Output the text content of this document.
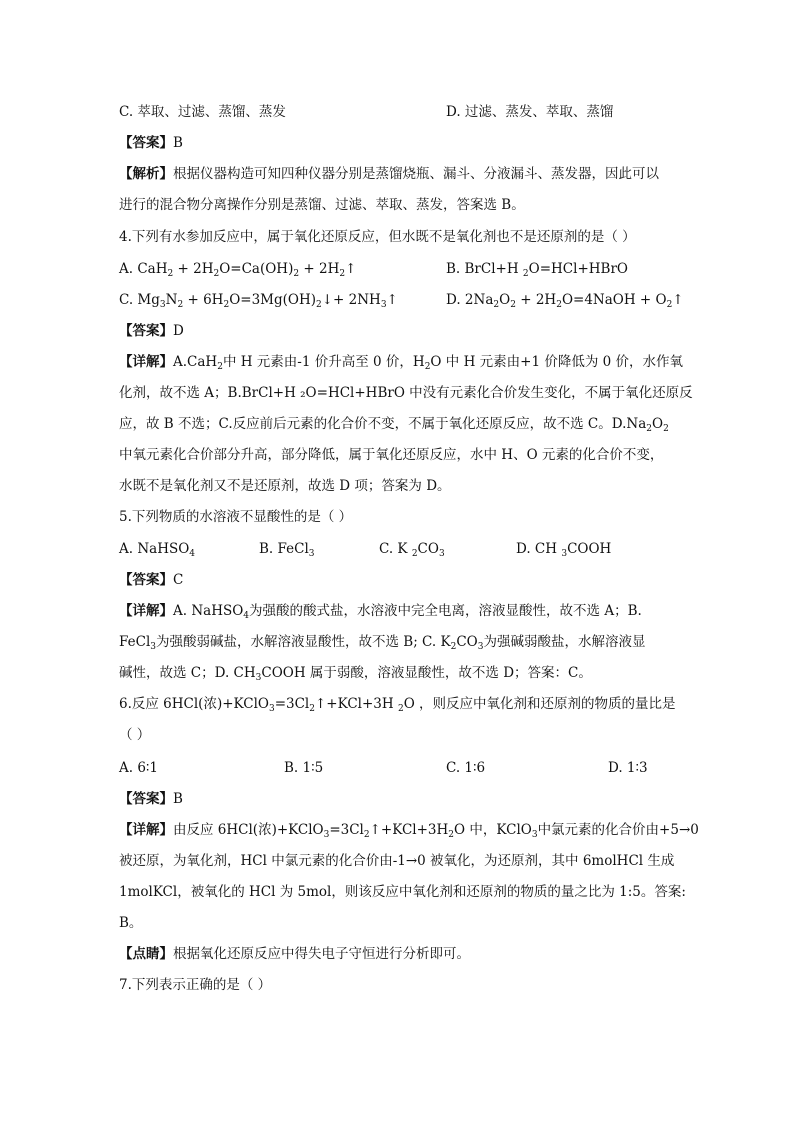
C. 萃取、过滤、蒸馏、蒸发	D. 过滤、蒸发、萃取、蒸馏
【答案】B
【解析】根据仪器构造可知四种仪器分别是蒸馏烧瓶、漏斗、分液漏斗、蒸发器，因此可以
进行的混合物分离操作分别是蒸馏、过滤、萃取、蒸发，答案选 B。
4.下列有水参加反应中，属于氧化还原反应，但水既不是氧化剂也不是还原剂的是（ ）
A. $CaH_2 + 2H_2O=Ca(OH)_2$ + $2H_2↑$	B. BrCl+H $_2$O=HCl+HBrO
C. $Mg_3N_2$ + $6H_2O=3Mg(OH)_2↓+$ $2NH_3↑$	D. $2Na_2O_2$ + $2H_2O=4NaOH$ + $O_2↑$
【答案】D
【详解】A.CaH$_2$中 H 元素由-1 价升高至 0 价，$H_2O$ 中 H 元素由+1 价降低为 0 价，水作氧
化剂，故不选 A；B.BrCl+H ₂O=HCl+HBrO 中没有元素化合价发生变化，不属于氧化还原反
应，故 B 不选；C.反应前后元素的化合价不变，不属于氧化还原反应，故不选 C。$D.Na_2O_2$
中氧元素化合价部分升高，部分降低，属于氧化还原反应，水中 H、O 元素的化合价不变，
水既不是氧化剂又不是还原剂，故选 D 项；答案为 D。
5.下列物质的水溶液不显酸性的是（ ）
A. NaHSO$_4$	B. FeCl$_3$	C. K $_2CO_3$	D. CH $_3$COOH
【答案】C
【详解】A. NaHSO$_4$为强酸的酸式盐，水溶液中完全电离，溶液显酸性，故不选 A；B.
FeCl$_3$为强酸弱碱盐，水解溶液显酸性，故不选 B; C. $K_2CO_3$为强碱弱酸盐，水解溶液显
碱性，故选 C；D. $CH_3COOH$ 属于弱酸，溶液显酸性，故不选 D；答案：C。
6.反应 6HCl(浓)$+KClO_3=3Cl_2↑+KCl+3H$ $_2$O ，则反应中氧化剂和还原剂的物质的量比是
（ ）
A. 6∶1	B. 1∶5	C. 1∶6	D. 1∶3
【答案】B
【详解】由反应 6HCl(浓)$+KClO_3=3Cl_2↑+KCl+3H_2O$ 中，KClO$_3$中氯元素的化合价由+5→0
被还原，为氧化剂，HCl 中氯元素的化合价由-1→0 被氧化，为还原剂，其中 6molHCl 生成
1molKCl，被氧化的 HCl 为 5mol，则该反应中氧化剂和还原剂的物质的量之比为 1:5。答案:
B。
【点睛】根据氧化还原反应中得失电子守恒进行分析即可。
7.下列表示正确的是（ ）
